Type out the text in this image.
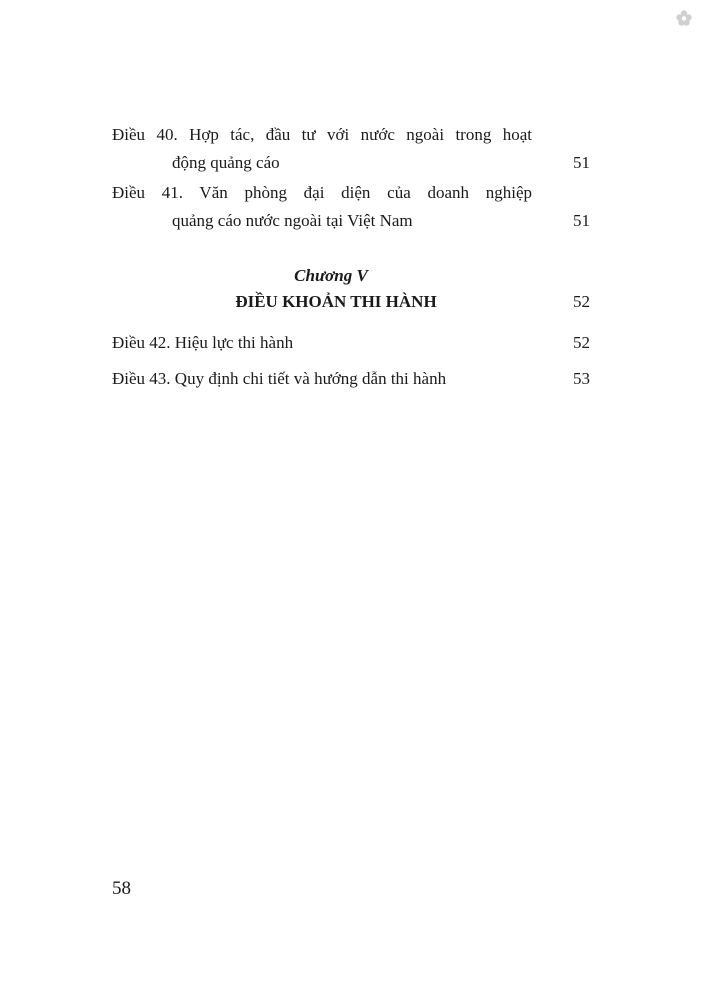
Điều 40. Hợp tác, đầu tư với nước ngoài trong hoạt
động quảng cáo	51
Điều 41. Văn phòng đại diện của doanh nghiệp
quảng cáo nước ngoài tại Việt Nam	51
Chương V
ĐIỀU KHOẢN THI HÀNH	52
Điều 42. Hiệu lực thi hành	52
Điều 43. Quy định chi tiết và hướng dẫn thi hành	53
58
